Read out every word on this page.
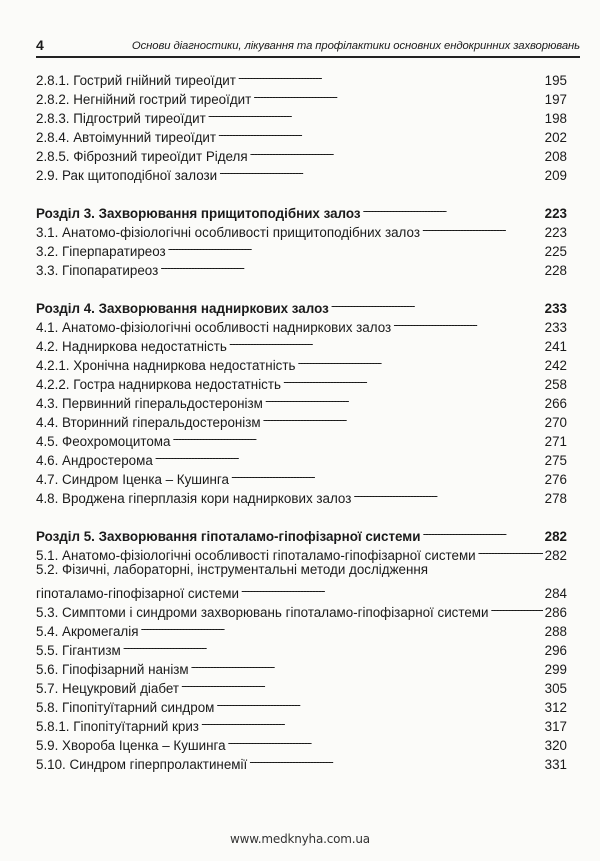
4	Основи діагностики, лікування та профілактики основних ендокринних захворювань
2.8.1. Гострий гнійний тиреоїдит . . .	195
2.8.2. Негнійний гострий тиреоїдит . . .	197
2.8.3. Підгострий тиреоїдит . . .	198
2.8.4. Автоімунний тиреоїдит . . .	202
2.8.5. Фіброзний тиреоїдит Ріделя . . .	208
2.9. Рак щитоподібної залози . . .	209
Розділ 3. Захворювання прищитоподібних залоз . . .	223
3.1. Анатомо-фізіологічні особливості прищитоподібних залоз . . .	223
3.2. Гіперпаратиреоз . . .	225
3.3. Гіпопаратиреоз . . .	228
Розділ 4. Захворювання надниркових залоз . . .	233
4.1. Анатомо-фізіологічні особливості надниркових залоз . . .	233
4.2. Надниркова недостатність . . .	241
4.2.1. Хронічна надниркова недостатність . . .	242
4.2.2. Гостра надниркова недостатність . . .	258
4.3. Первинний гіперальдостеронізм . . .	266
4.4. Вторинний гіперальдостеронізм . . .	270
4.5. Феохромоцитома . . .	271
4.6. Андростерома . . .	275
4.7. Синдром Іценка – Кушинга . . .	276
4.8. Вроджена гіперплазія кори надниркових залоз . . .	278
Розділ 5. Захворювання гіпоталамо-гіпофізарної системи . . .	282
5.1. Анатомо-фізіологічні особливості гіпоталамо-гіпофізарної системи . . .	282
5.2. Фізичні, лабораторні, інструментальні методи дослідження
гіпоталамо-гіпофізарної системи . . .	284
5.3. Симптоми і синдроми захворювань гіпоталамо-гіпофізарної системи . . .	286
5.4. Акромегалія . . .	288
5.5. Гігантизм . . .	296
5.6. Гіпофізарний нанізм . . .	299
5.7. Нецукровий діабет . . .	305
5.8. Гіпопітуїтарний синдром . . .	312
5.8.1. Гіпопітуїтарний криз . . .	317
5.9. Хвороба Іценка – Кушинга . . .	320
5.10. Синдром гіперпролактинемії . . .	331
www.medknyha.com.ua
